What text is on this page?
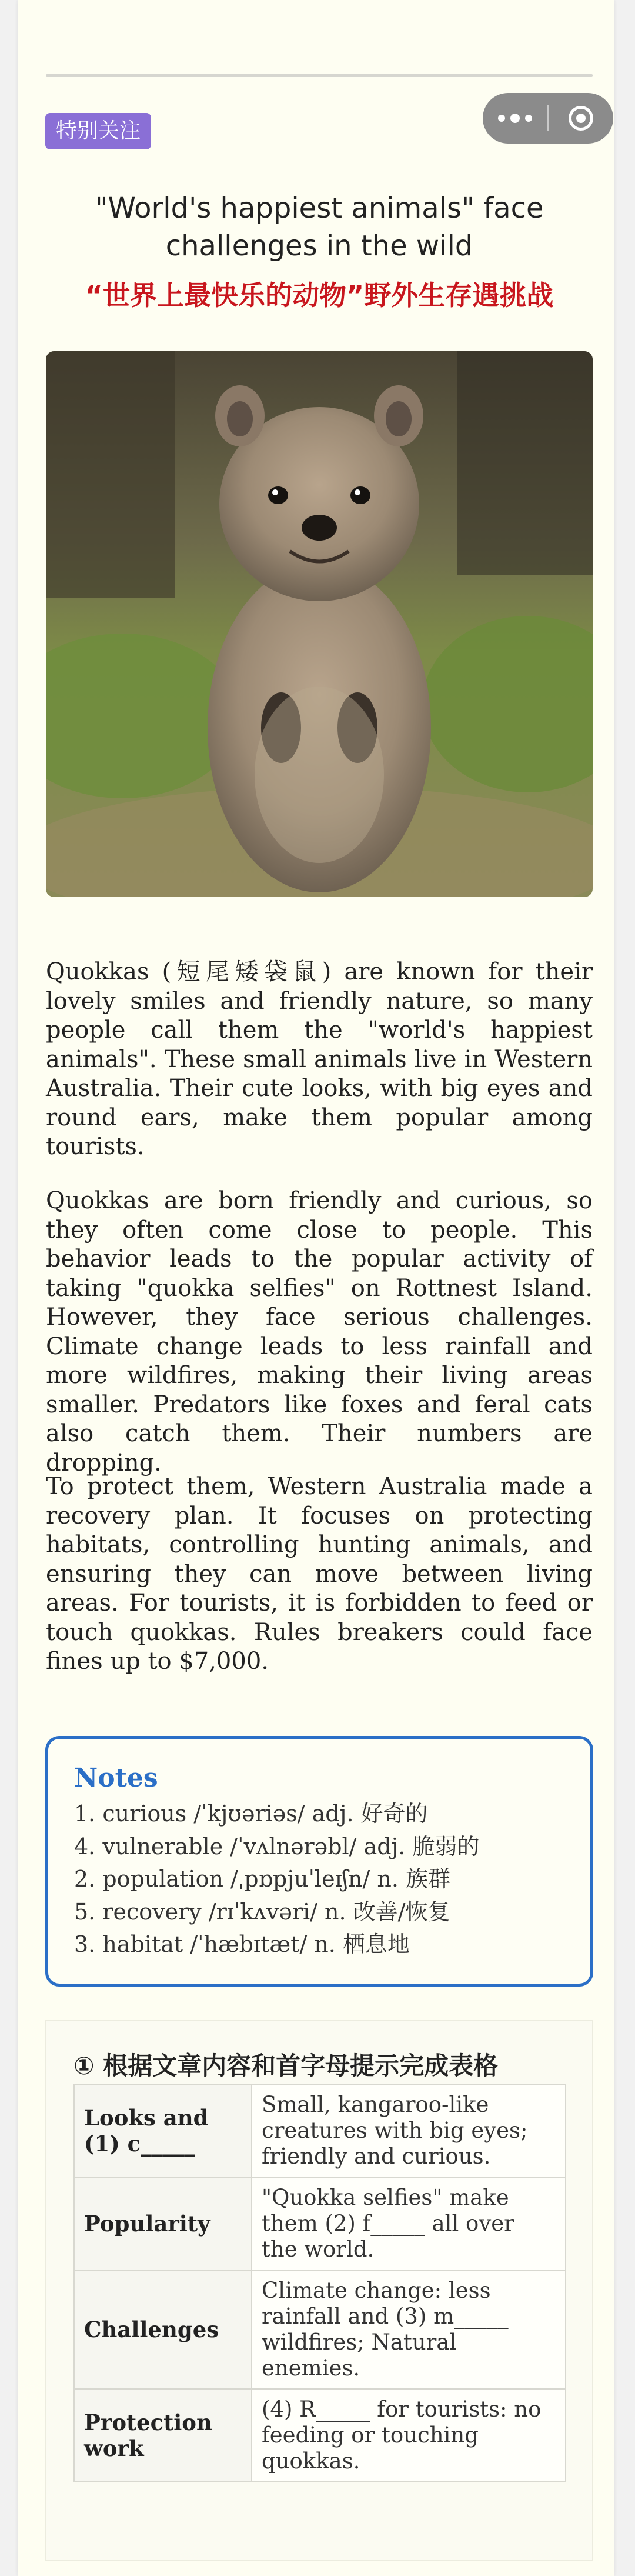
特别关注
"World's happiest animals" face challenges in the wild
“世界上最快乐的动物”野外生存遇挑战

Quokkas (短尾矮袋鼠) are known for their lovely smiles and friendly nature, so many people call them the "world's happiest animals". These small animals live in Western Australia. Their cute looks, with big eyes and round ears, make them popular among tourists.

Quokkas are born friendly and curious, so they often come close to people. This behavior leads to the popular activity of taking "quokka selfies" on Rottnest Island. However, they face serious challenges. Climate change leads to less rainfall and more wildfires, making their living areas smaller. Predators like foxes and feral cats also catch them. Their numbers are dropping.

To protect them, Western Australia made a recovery plan. It focuses on protecting habitats, controlling hunting animals, and ensuring they can move between living areas. For tourists, it is forbidden to feed or touch quokkas. Rules breakers could face fines up to $7,000.

Notes
1. curious /ˈkjʊəriəs/ adj. 好奇的
4. vulnerable /ˈvʌlnərəbl/ adj. 脆弱的
2. population /ˌpɒpjuˈleɪʃn/ n. 族群
5. recovery /rɪˈkʌvəri/ n. 改善/恢复
3. habitat /ˈhæbɪtæt/ n. 栖息地
① 根据文章内容和首字母提示完成表格
Looks and (1) c_____	Small, kangaroo-like creatures with big eyes; friendly and curious.
Popularity	"Quokka selfies" make them (2) f_____ all over the world.
Challenges	Climate change: less rainfall and (3) m_____ wildfires; Natural enemies.
Protection work	(4) R_____ for tourists: no feeding or touching quokkas.
